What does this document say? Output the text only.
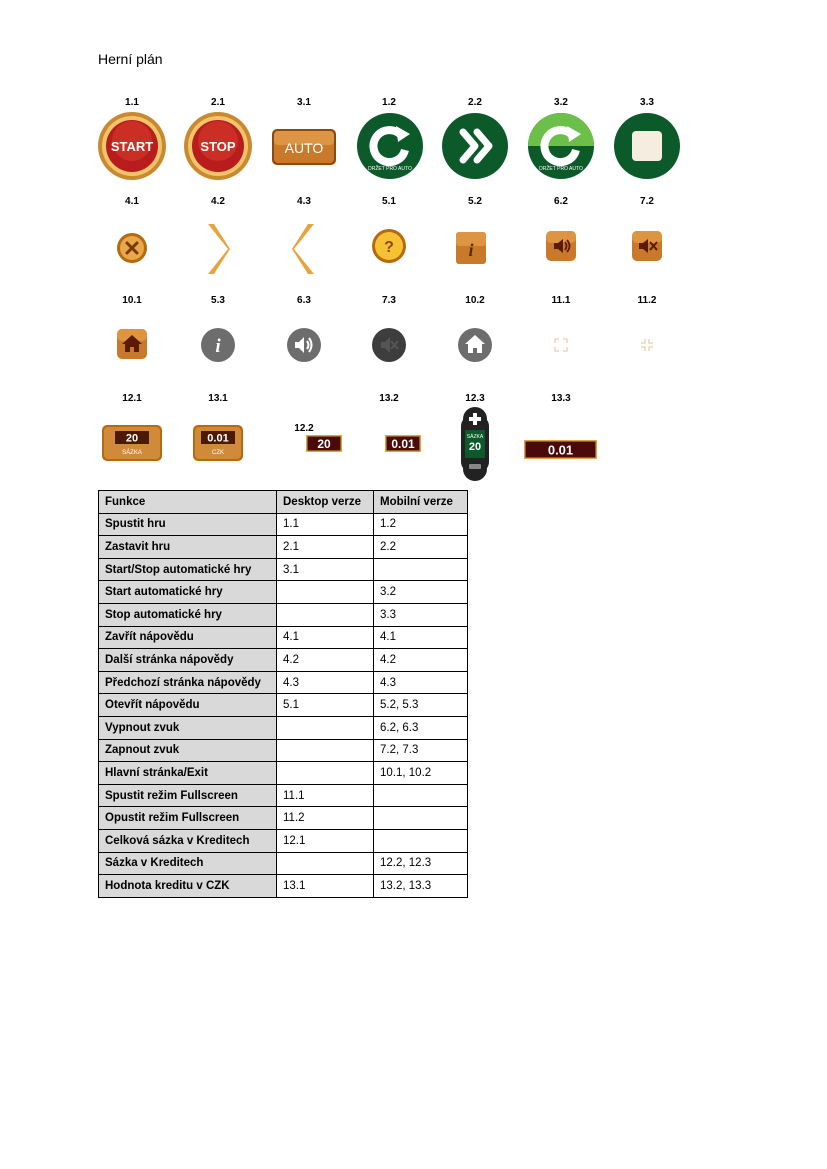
Herní plán
1.1	2.1	3.1	1.2	2.2	3.2	3.3
START	STOP	AUTO
DRŽET PRO AUTO	DRŽET PRO AUTO
4.1	4.2	4.3	5.1	5.2	6.2	7.2
?	i
10.1	5.3	6.3	7.3	10.2	11.1	11.2
i
12.1	13.1
12.2
13.2	12.3	13.3
20
SÁZKA
0.01
CZK
20	0.01	SÁZKA
20	0.01
Funkce	Desktop verze	Mobilní verze
Spustit hru	1.1	1.2
Zastavit hru	2.1	2.2
Start/Stop automatické hry	3.1	
Start automatické hry		3.2
Stop automatické hry		3.3
Zavřít nápovědu	4.1	4.1
Další stránka nápovědy	4.2	4.2
Předchozí stránka nápovědy	4.3	4.3
Otevřít nápovědu	5.1	5.2, 5.3
Vypnout zvuk		6.2, 6.3
Zapnout zvuk		7.2, 7.3
Hlavní stránka/Exit		10.1, 10.2
Spustit režim Fullscreen	11.1	
Opustit režim Fullscreen	11.2	
Celková sázka v Kreditech	12.1	
Sázka v Kreditech		12.2, 12.3
Hodnota kreditu v CZK	13.1	13.2, 13.3
